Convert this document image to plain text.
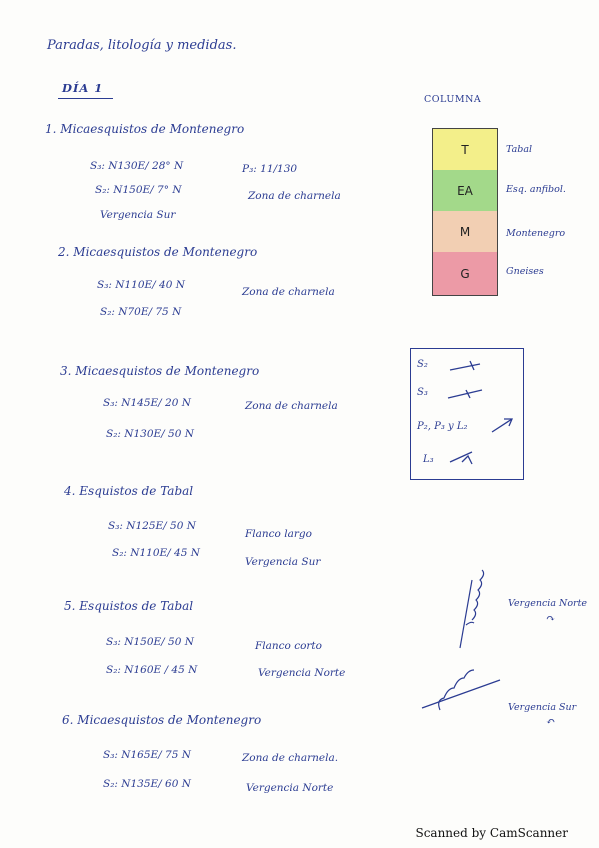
Paradas, litología y medidas.
DÍA 1
1. Micaesquistos de Montenegro
S₃: N130E/ 28° N	P₃: 11/130
S₂: N150E/ 7° N	Zona de charnela
Vergencia Sur
2. Micaesquistos de Montenegro
S₃: N110E/ 40 N
Zona de charnela
S₂: N70E/ 75 N
3. Micaesquistos de Montenegro
S₃: N145E/ 20 N	Zona de charnela
S₂: N130E/ 50 N
4. Esquistos de Tabal
S₃: N125E/ 50 N
Flanco largo
S₂: N110E/ 45 N
Vergencia Sur
5. Esquistos de Tabal
S₃: N150E/ 50 N	Flanco corto
S₂: N160E / 45 N	Vergencia Norte
6. Micaesquistos de Montenegro
S₃: N165E/ 75 N	Zona de charnela.
S₂: N135E/ 60 N	Vergencia Norte
COLUMNA
T
EA
M
G
Tabal
Esq. anfibol.
Montenegro
Gneises
S₂
S₃
P₂, P₃ y L₂
L₃
Vergencia Norte
↷
Vergencia Sur
↶
Scanned by CamScanner
